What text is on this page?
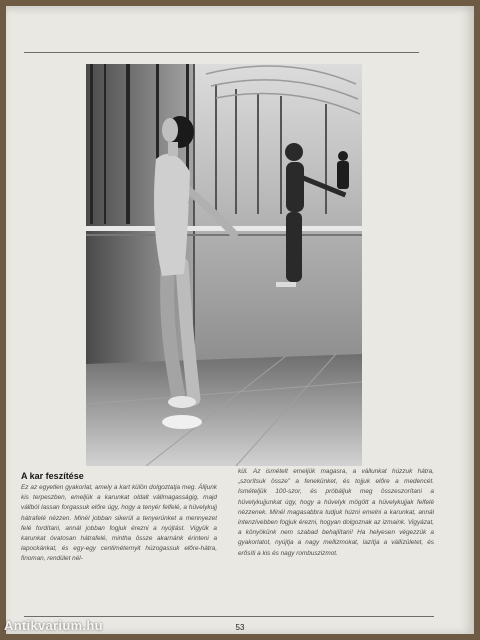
A kar feszítése

Ez az egyetlen gyakorlat, amely a kart külön dolgoztatja meg. Álljunk kis terpeszben, emeljük a karunkat oldalt vállmagasságig, majd vállból lassan forgassuk előre úgy, hogy a tenyér felfelé, a hüvelykujj hátrafelé nézzen. Minél jobban sikerül a tenyerünket a mennyezet felé fordítani, annál jobban fogjuk érezni a nyújtást. Vigyük a karunkat óvatosan hátrafelé, mintha össze akarnánk érinteni a lapockánkat, és egy-egy centiméternyit húzogassuk előre-hátra, finoman, rendület nél-

kül. Az ismételt emeljük magasra, a vállunkat húzzuk hátra, „szorítsuk össze” a fenekünket, és tojjuk előre a medencét. Ismételjük 100-szor, és próbáljuk meg összeszorítani a hüvelykujjunkat úgy, hogy a hüvelyk mögött a hüvelykujjak felfelé nézzenek. Minél magasabbra tudjuk húzni emelni a karunkat, annál intenzívebben fogjuk érezni, hogyan dolgoznak az izmaink. Vigyázat, a könyökünk nem szabad behajlítani! Ha helyesen végezzük a gyakorlatot, nyújtja a nagy mellizmokat, lazítja a vállízületet, és erősíti a kis és nagy rombuszizmot.

53
Antikvarium.hu
